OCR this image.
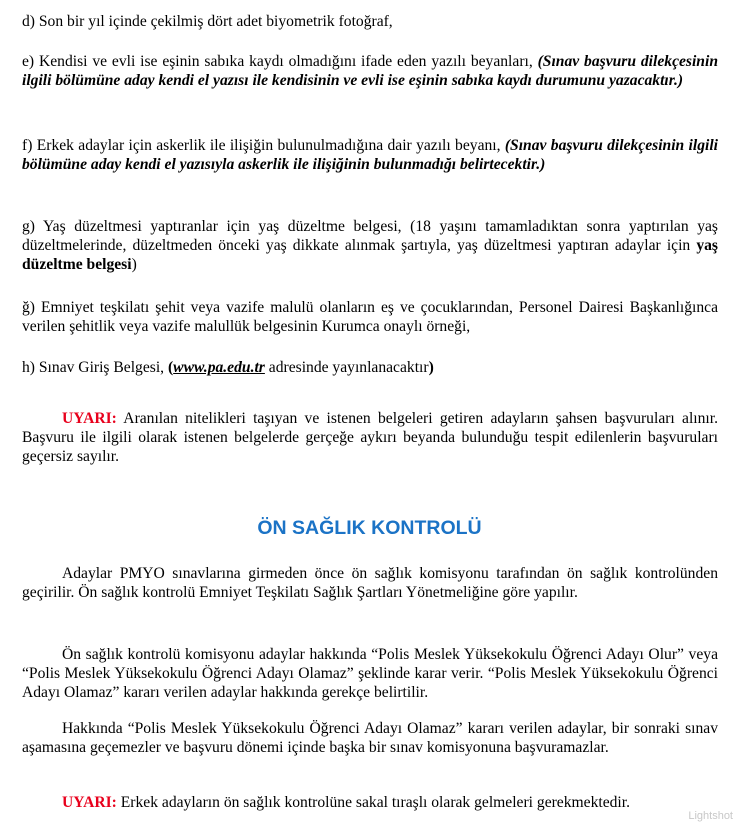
d) Son bir yıl içinde çekilmiş dört adet biyometrik fotoğraf,

e) Kendisi ve evli ise eşinin sabıka kaydı olmadığını ifade eden yazılı beyanları, (Sınav başvuru dilekçesinin ilgili bölümüne aday kendi el yazısı ile kendisinin ve evli ise eşinin sabıka kaydı durumunu yazacaktır.)

f) Erkek adaylar için askerlik ile ilişiğin bulunulmadığına dair yazılı beyanı, (Sınav başvuru dilekçesinin ilgili bölümüne aday kendi el yazısıyla askerlik ile ilişiğinin bulunmadığı belirtecektir.)

g) Yaş düzeltmesi yaptıranlar için yaş düzeltme belgesi, (18 yaşını tamamladıktan sonra yaptırılan yaş düzeltmelerinde, düzeltmeden önceki yaş dikkate alınmak şartıyla, yaş düzeltmesi yaptıran adaylar için yaş düzeltme belgesi)

ğ) Emniyet teşkilatı şehit veya vazife malulü olanların eş ve çocuklarından, Personel Dairesi Başkanlığınca verilen şehitlik veya vazife malullük belgesinin Kurumca onaylı örneği,

h) Sınav Giriş Belgesi, (www.pa.edu.tr adresinde yayınlanacaktır)

UYARI: Aranılan nitelikleri taşıyan ve istenen belgeleri getiren adayların şahsen başvuruları alınır. Başvuru ile ilgili olarak istenen belgelerde gerçeğe aykırı beyanda bulunduğu tespit edilenlerin başvuruları geçersiz sayılır.

ÖN SAĞLIK KONTROLÜ

Adaylar PMYO sınavlarına girmeden önce ön sağlık komisyonu tarafından ön sağlık kontrolünden geçirilir. Ön sağlık kontrolü Emniyet Teşkilatı Sağlık Şartları Yönetmeliğine göre yapılır.

Ön sağlık kontrolü komisyonu adaylar hakkında “Polis Meslek Yüksekokulu Öğrenci Adayı Olur” veya “Polis Meslek Yüksekokulu Öğrenci Adayı Olamaz” şeklinde karar verir. “Polis Meslek Yüksekokulu Öğrenci Adayı Olamaz” kararı verilen adaylar hakkında gerekçe belirtilir.

Hakkında “Polis Meslek Yüksekokulu Öğrenci Adayı Olamaz” kararı verilen adaylar, bir sonraki sınav aşamasına geçemezler ve başvuru dönemi içinde başka bir sınav komisyonuna başvuramazlar.

UYARI: Erkek adayların ön sağlık kontrolüne sakal tıraşlı olarak gelmeleri gerekmektedir.

Lightshot
